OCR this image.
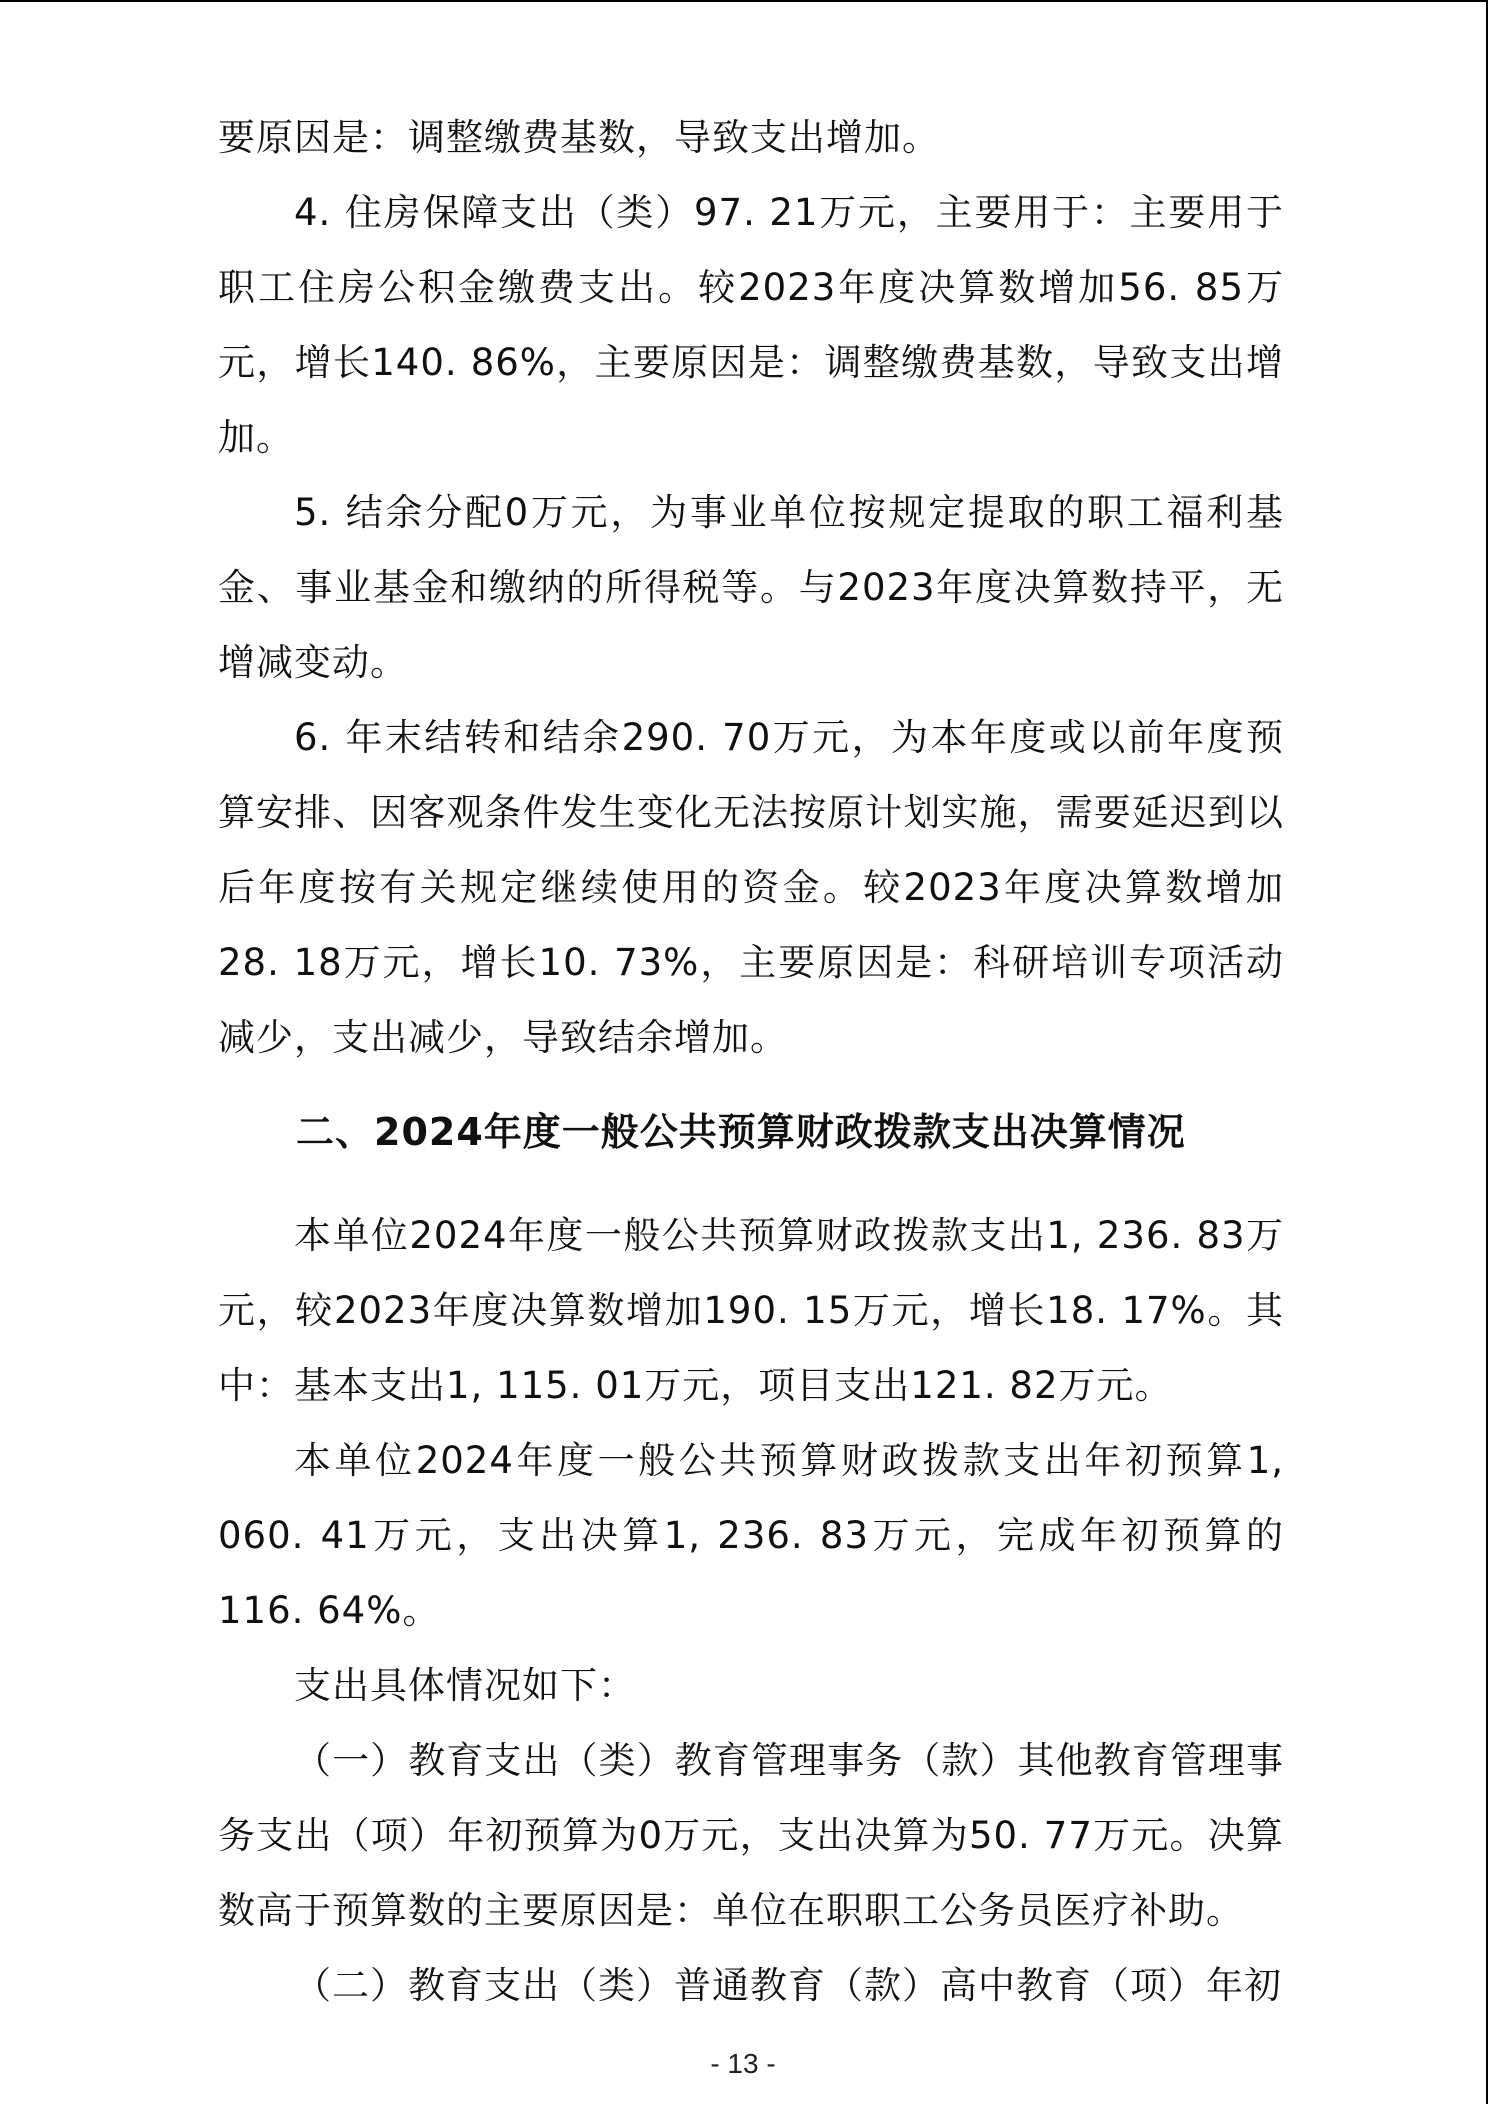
要原因是：调整缴费基数，导致支出增加。

4. 住房保障支出（类）97. 21万元，主要用于：主要用于职工住房公积金缴费支出。较2023年度决算数增加56. 85万元，增长140. 86%，主要原因是：调整缴费基数，导致支出增加。

5. 结余分配0万元，为事业单位按规定提取的职工福利基金、事业基金和缴纳的所得税等。与2023年度决算数持平，无增减变动。

6. 年末结转和结余290. 70万元，为本年度或以前年度预算安排、因客观条件发生变化无法按原计划实施，需要延迟到以后年度按有关规定继续使用的资金。较2023年度决算数增加28. 18万元，增长10. 73%，主要原因是：科研培训专项活动减少，支出减少，导致结余增加。

二、2024年度一般公共预算财政拨款支出决算情况

本单位2024年度一般公共预算财政拨款支出1, 236. 83万元，较2023年度决算数增加190. 15万元，增长18. 17%。其中：基本支出1, 115. 01万元，项目支出121. 82万元。

本单位2024年度一般公共预算财政拨款支出年初预算1, 060. 41万元，支出决算1, 236. 83万元，完成年初预算的116. 64%。

支出具体情况如下：

（一）教育支出（类）教育管理事务（款）其他教育管理事务支出（项）年初预算为0万元，支出决算为50. 77万元。决算数高于预算数的主要原因是：单位在职职工公务员医疗补助。

（二）教育支出（类）普通教育（款）高中教育（项）年初

- 13 -
